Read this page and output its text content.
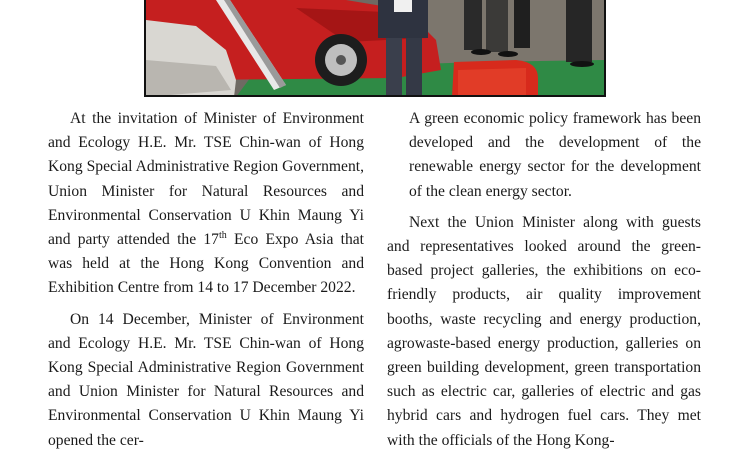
At the invitation of Minister of Environment and Ecology H.E. Mr. TSE Chin-wan of Hong Kong Special Administrative Region Government, Union Minister for Natural Resources and Environmental Conservation U Khin Maung Yi and party attended the 17th Eco Expo Asia that was held at the Hong Kong Convention and Exhibition Centre from 14 to 17 December 2022.

On 14 December, Minister of Environment and Ecology H.E. Mr. TSE Chin-wan of Hong Kong Special Administrative Region Government and Union Minister for Natural Resources and Environmental Conservation U Khin Maung Yi opened the cer-

A green economic policy framework has been developed and the development of the renewable energy sector for the development of the clean energy sector.

Next the Union Minister along with guests and representatives looked around the green-based project galleries, the exhibitions on eco-friendly products, air quality improvement booths, waste recycling and energy production, agrowaste-based energy production, galleries on green building development, green transportation such as electric car, galleries of electric and gas hybrid cars and hydrogen fuel cars. They met with the officials of the Hong Kong-
